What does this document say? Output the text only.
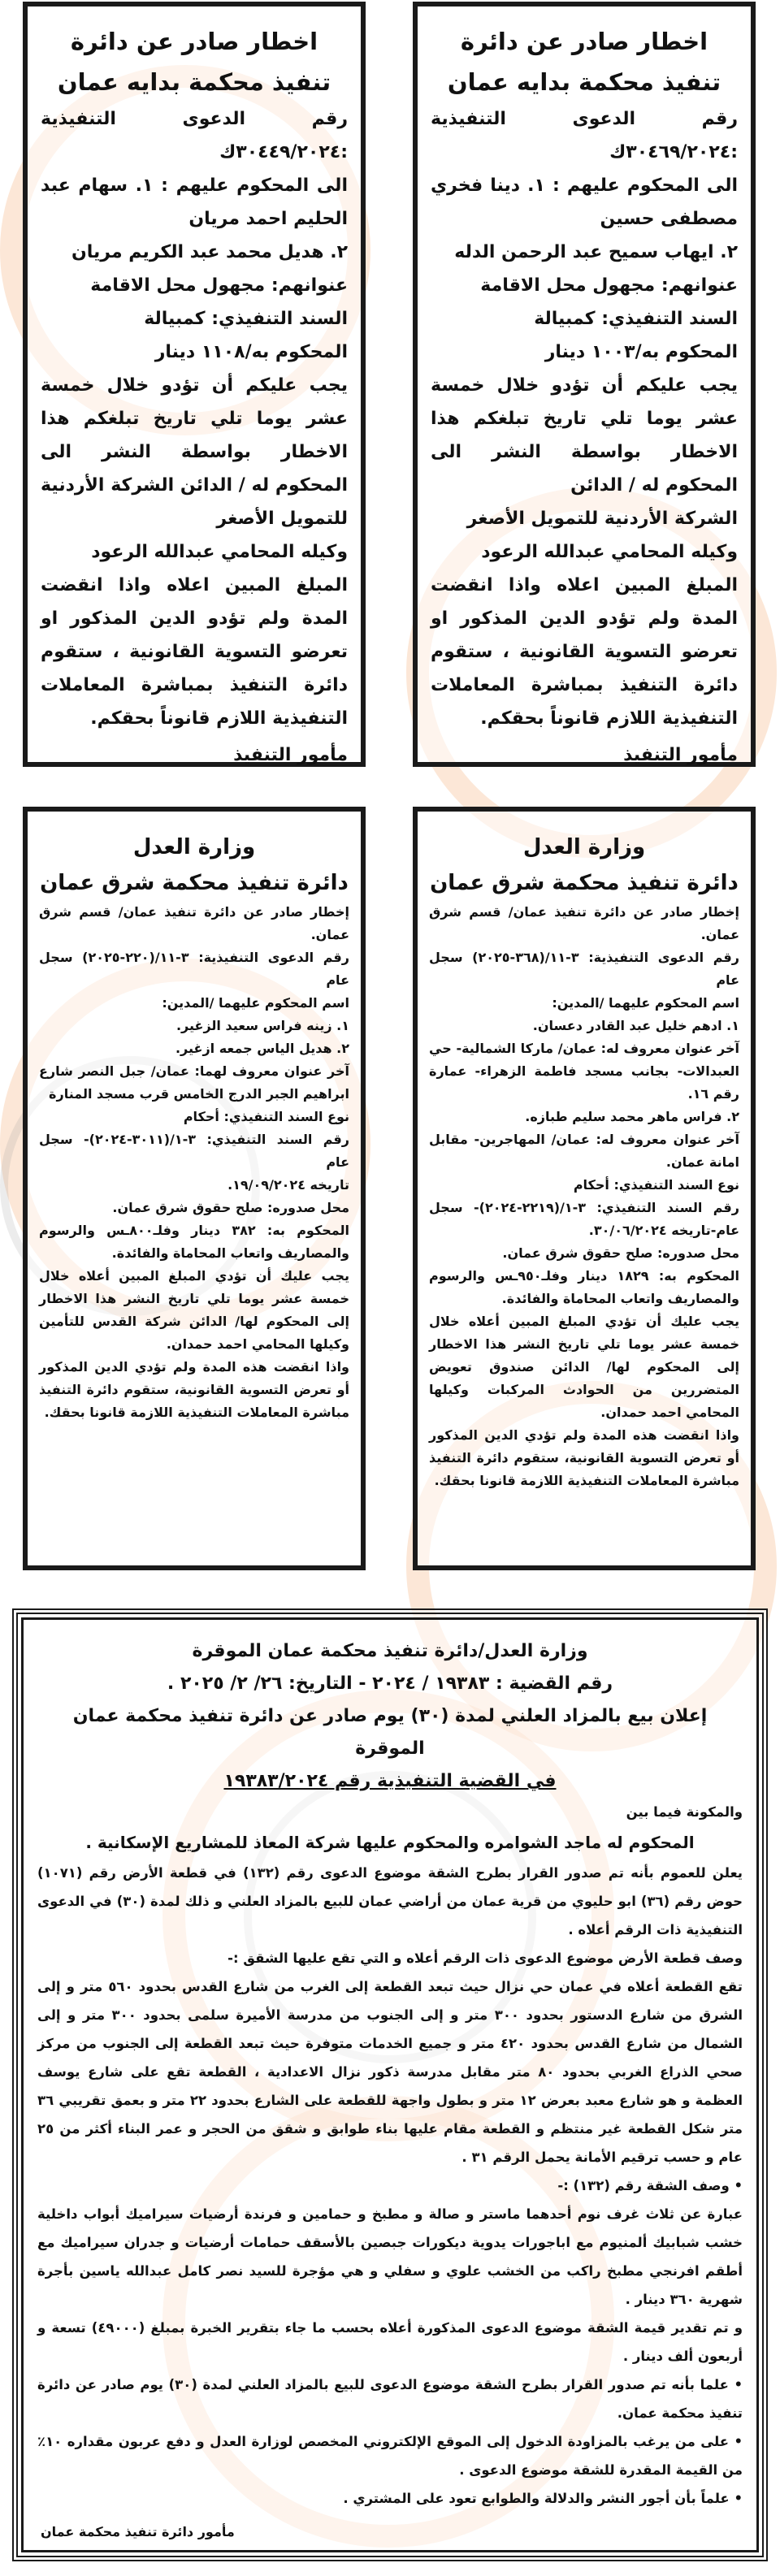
اخطار صادر عن دائرة
تنفيذ محكمة بدايه عمان

رقم الدعوى التنفيذية :٣٠٤٦٩/٢٠٢٤ك

الى المحكوم عليهم : ١. دينا فخري مصطفى حسين

٢. ايهاب سميح عبد الرحمن الدله

عنوانهم: مجهول محل الاقامة

السند التنفيذي: كمبيالة

المحكوم به/١٠٠٣ دينار

يجب عليكم أن تؤدو خلال خمسة عشر يوما تلي تاريخ تبلغكم هذا الاخطار بواسطة النشر الى المحكوم له / الدائن

الشركة الأردنية للتمويل الأصغر

وكيله المحامي عبدالله الرعود

المبلغ المبين اعلاه واذا انقضت المدة ولم تؤدو الدين المذكور او تعرضو التسوية القانونية ، ستقوم دائرة التنفيذ بمباشرة المعاملات التنفيذية اللازم قانوناً بحقكم.

مأمور التنفيذ

اخطار صادر عن دائرة
تنفيذ محكمة بدايه عمان

رقم الدعوى التنفيذية :٣٠٤٤٩/٢٠٢٤ك

الى المحكوم عليهم : ١. سهام عبد الحليم احمد مريان

٢. هديل محمد عبد الكريم مريان

عنوانهم: مجهول محل الاقامة

السند التنفيذي: كمبيالة

المحكوم به/١١٠٨ دينار

يجب عليكم أن تؤدو خلال خمسة عشر يوما تلي تاريخ تبلغكم هذا الاخطار بواسطة النشر الى المحكوم له / الدائن الشركة الأردنية للتمويل الأصغر

وكيله المحامي عبدالله الرعود

المبلغ المبين اعلاه واذا انقضت المدة ولم تؤدو الدين المذكور او تعرضو التسوية القانونية ، ستقوم دائرة التنفيذ بمباشرة المعاملات التنفيذية اللازم قانوناً بحقكم.

مأمور التنفيذ

وزارة العدل
دائرة تنفيذ محكمة شرق عمان

إخطار صادر عن دائرة تنفيذ عمان/ قسم شرق عمان.

رقم الدعوى التنفيذية: ٣-١١/(٣٦٨-٢٠٢٥) سجل عام

اسم المحكوم عليهما /المدين:

١. ادهم خليل عبد القادر دعسان.

آخر عنوان معروف له: عمان/ ماركا الشمالية- حي العبدالات- بجانب مسجد فاطمة الزهراء- عمارة رقم ١٦.

٢. فراس ماهر محمد سليم طبازه.

آخر عنوان معروف له: عمان/ المهاجرين- مقابل امانة عمان.

نوع السند التنفيذي: أحكام

رقم السند التنفيذي: ٣-١/(٢٢١٩-٢٠٢٤)- سجل عام-تاريخه ٣٠/٠٦/٢٠٢٤.

محل صدوره: صلح حقوق شرق عمان.

المحكوم به: ١٨٢٩ دينار وفلـ٩٥٠ـس والرسوم والمصاريف واتعاب المحاماة والفائدة.

يجب عليك أن تؤدي المبلغ المبين أعلاه خلال خمسة عشر يوما تلي تاريخ النشر هذا الاخطار إلى المحكوم لها/ الدائن صندوق تعويض المتضررين من الحوادث المركبات وكيلها المحامي احمد حمدان.

واذا انقضت هذه المدة ولم تؤدي الدين المذكور أو تعرض التسوية القانونية، ستقوم دائرة التنفيذ مباشرة المعاملات التنفيذية اللازمة قانونا بحقك.

وزارة العدل
دائرة تنفيذ محكمة شرق عمان

إخطار صادر عن دائرة تنفيذ عمان/ قسم شرق عمان.

رقم الدعوى التنفيذية: ٣-١١/(٢٢٠-٢٠٢٥) سجل عام

اسم المحكوم عليهما /المدين:

١. زينه فراس سعيد الزغير.

٢. هديل الياس جمعه ازغير.

آخر عنوان معروف لهما: عمان/ جبل النصر شارع ابراهيم الجبر الدرج الخامس قرب مسجد المنارة

نوع السند التنفيذي: أحكام

رقم السند التنفيذي: ٣-١/(٣٠١١-٢٠٢٤)- سجل عام

تاريخه ١٩/٠٩/٢٠٢٤.

محل صدوره: صلح حقوق شرق عمان.

المحكوم به: ٣٨٢ دينار وفلـ٨٠٠ـس والرسوم والمصاريف واتعاب المحاماة والفائدة.

يجب عليك أن تؤدي المبلغ المبين أعلاه خلال خمسة عشر يوما تلي تاريخ النشر هذا الاخطار إلى المحكوم لها/ الدائن شركة القدس للتأمين وكيلها المحامي احمد حمدان.

واذا انقضت هذه المدة ولم تؤدي الدين المذكور أو تعرض التسوية القانونية، ستقوم دائرة التنفيذ مباشرة المعاملات التنفيذية اللازمة قانونا بحقك.

وزارة العدل/دائرة تنفيذ محكمة عمان الموقرة
رقم القضية : ١٩٣٨٣ / ٢٠٢٤ - التاريخ: ٢٦/ ٢/ ٢٠٢٥ .
إعلان بيع بالمزاد العلني لمدة (٣٠) يوم صادر عن دائرة تنفيذ محكمة عمان الموقرة
في القضية التنفيذية رقم ١٩٣٨٣/٢٠٢٤

والمكونة فيما بين

المحكوم له ماجد الشوامره والمحكوم عليها شركة المعاذ للمشاريع الإسكانية .

يعلن للعموم بأنه تم صدور القرار بطرح الشقة موضوع الدعوى رقم (١٣٢) في قطعة الأرض رقم (١٠٧١) حوض رقم (٣٦) ابو حليوي من قرية عمان من أراضي عمان للبيع بالمزاد العلني و ذلك لمدة (٣٠) في الدعوى التنفيذية ذات الرقم أعلاه .

وصف قطعة الأرض موضوع الدعوى ذات الرقم أعلاه و التي تقع عليها الشقق :-

تقع القطعة أعلاه في عمان حي نزال حيث تبعد القطعة إلى الغرب من شارع القدس بحدود ٥٦٠ متر و إلى الشرق من شارع الدستور بحدود ٣٠٠ متر و إلى الجنوب من مدرسة الأميرة سلمى بحدود ٣٠٠ متر و إلى الشمال من شارع القدس بحدود ٤٢٠ متر و جميع الخدمات متوفرة حيث تبعد القطعة إلى الجنوب من مركز صحي الذراع الغربي بحدود ٨٠ متر مقابل مدرسة ذكور نزال الاعدادية ، القطعة تقع على شارع يوسف العظمة و هو شارع معبد بعرض ١٢ متر و بطول واجهة للقطعة على الشارع بحدود ٢٢ متر و بعمق تقريبي ٣٦ متر شكل القطعة غير منتظم و القطعة مقام عليها بناء طوابق و شقق من الحجر و عمر البناء أكثر من ٢٥ عام و حسب ترقيم الأمانة يحمل الرقم ٣١ .

• وصف الشقة رقم (١٣٢) :-

عبارة عن ثلاث غرف نوم أحدهما ماستر و صالة و مطبخ و حمامين و فرندة أرضيات سيراميك أبواب داخلية خشب شبابيك ألمنيوم مع اباجورات يدوية ديكورات جبصين بالأسقف حمامات أرضيات و جدران سيراميك مع أطقم افرنجي مطبخ راكب من الخشب علوي و سفلي و هي مؤجرة للسيد نصر كامل عبدالله ياسين بأجرة شهرية ٣٦٠ دينار .

و تم تقدير قيمة الشقة موضوع الدعوى المذكورة أعلاه بحسب ما جاء بتقرير الخبرة بمبلغ (٤٩٠٠٠) تسعة و أربعون ألف دينار .

• علما بأنه تم صدور القرار بطرح الشقة موضوع الدعوى للبيع بالمزاد العلني لمدة (٣٠) يوم صادر عن دائرة تنفيذ محكمة عمان.

• على من يرغب بالمزاودة الدخول إلى الموقع الإلكتروني المخصص لوزارة العدل و دفع عربون مقداره ١٠٪ من القيمة المقدرة للشقة موضوع الدعوى .

• علماً بأن أجور النشر والدلالة والطوابع تعود على المشتري .

مأمور دائرة تنفيذ محكمة عمان
